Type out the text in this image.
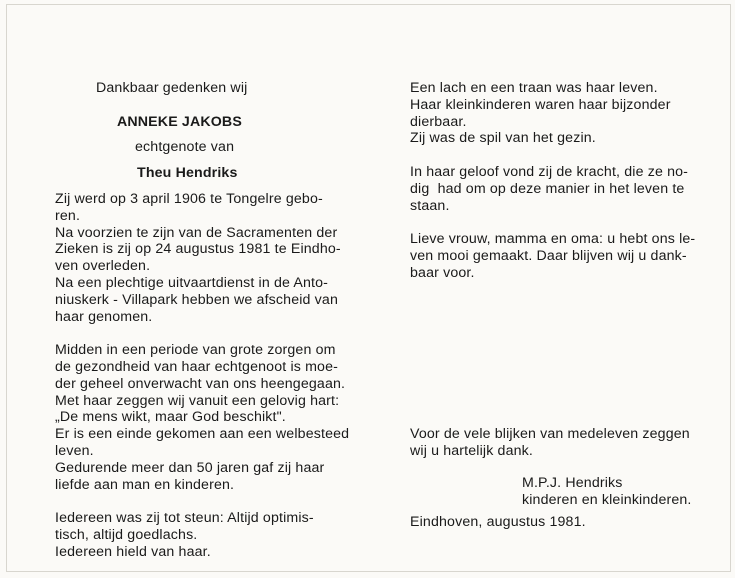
Dankbaar gedenken wij
ANNEKE JAKOBS
echtgenote van
Theu Hendriks
Zij werd op 3 april 1906 te Tongelre gebo-
ren.
Na voorzien te zijn van de Sacramenten der
Zieken is zij op 24 augustus 1981 te Eindho-
ven overleden.
Na een plechtige uitvaartdienst in de Anto-
niuskerk - Villapark hebben we afscheid van
haar genomen.
Midden in een periode van grote zorgen om
de gezondheid van haar echtgenoot is moe-
der geheel onverwacht van ons heengegaan.
Met haar zeggen wij vanuit een gelovig hart:
„De mens wikt, maar God beschikt".
Er is een einde gekomen aan een welbesteed
leven.
Gedurende meer dan 50 jaren gaf zij haar
liefde aan man en kinderen.
Iedereen was zij tot steun: Altijd optimis-
tisch, altijd goedlachs.
Iedereen hield van haar.
Een lach en een traan was haar leven.
Haar kleinkinderen waren haar bijzonder
dierbaar.
Zij was de spil van het gezin.
In haar geloof vond zij de kracht, die ze no-
dig  had om op deze manier in het leven te
staan.
Lieve vrouw, mamma en oma: u hebt ons le-
ven mooi gemaakt. Daar blijven wij u dank-
baar voor.
Voor de vele blijken van medeleven zeggen
wij u hartelijk dank.
M.P.J. Hendriks
kinderen en kleinkinderen.
Eindhoven, augustus 1981.
